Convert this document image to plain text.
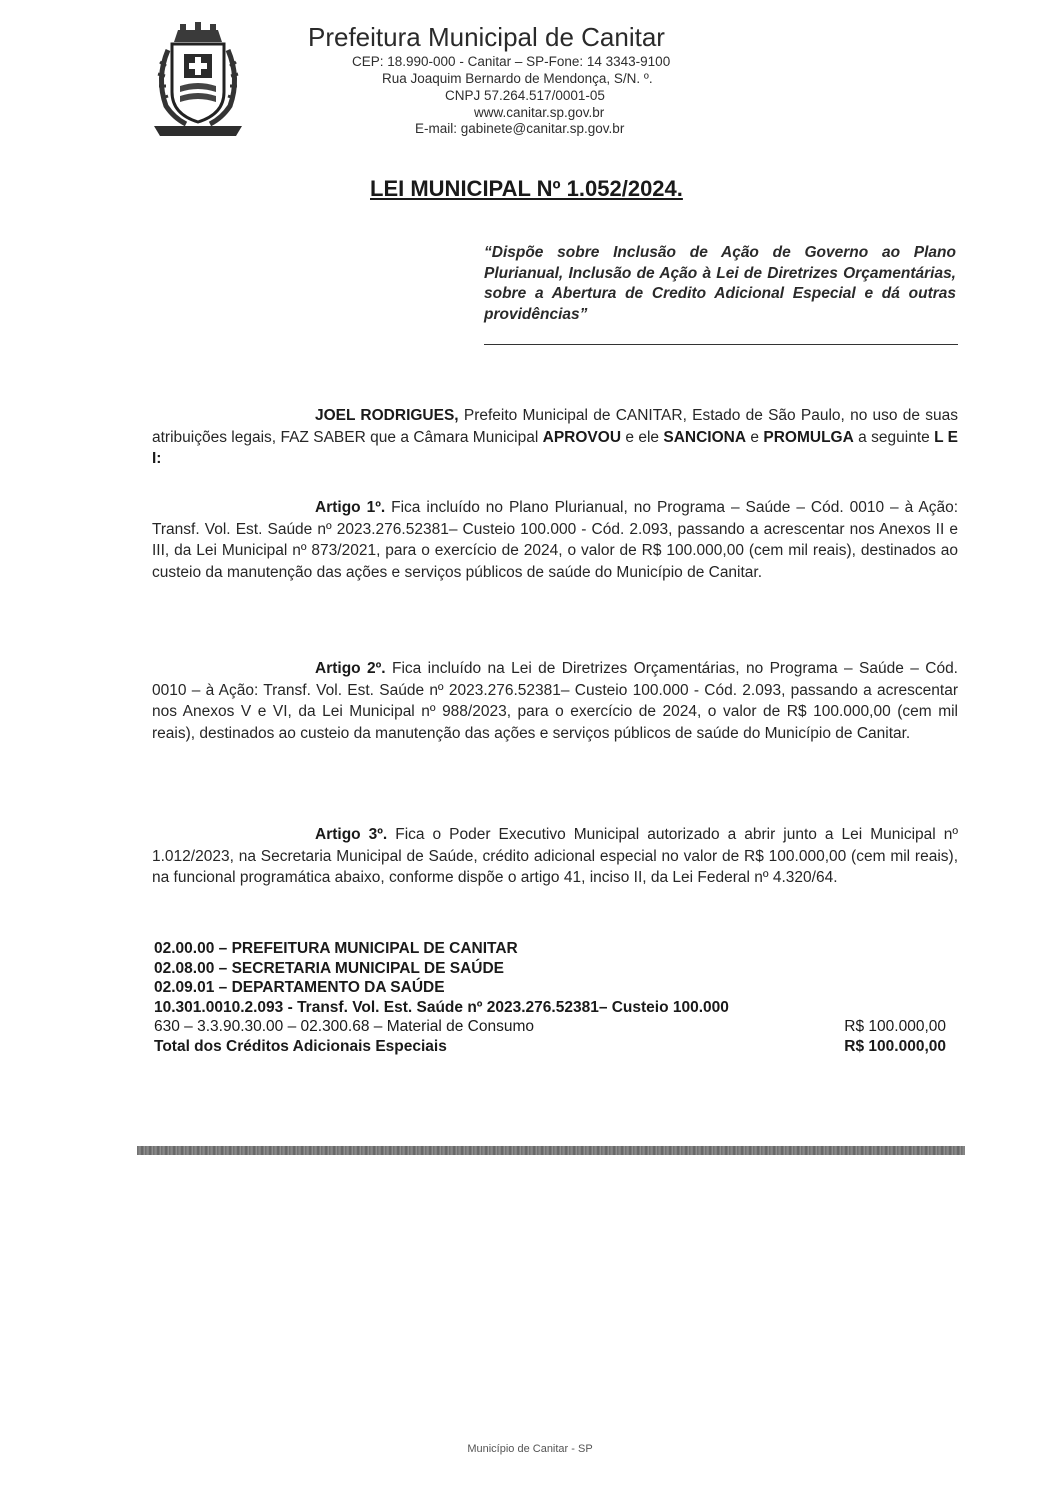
Prefeitura Municipal de Canitar
CEP: 18.990-000 - Canitar – SP-Fone: 14 3343-9100
Rua Joaquim Bernardo de Mendonça, S/N. º.
CNPJ 57.264.517/0001-05
www.canitar.sp.gov.br
E-mail: gabinete@canitar.sp.gov.br
LEI MUNICIPAL Nº 1.052/2024.
“Dispõe sobre Inclusão de Ação de Governo ao Plano Plurianual, Inclusão de Ação à Lei de Diretrizes Orçamentárias, sobre a Abertura de Credito Adicional Especial e dá outras providências”
JOEL RODRIGUES, Prefeito Municipal de CANITAR, Estado de São Paulo, no uso de suas atribuições legais, FAZ SABER que a Câmara Municipal APROVOU e ele SANCIONA e PROMULGA a seguinte L E I:
Artigo 1º. Fica incluído no Plano Plurianual, no Programa – Saúde – Cód. 0010 – à Ação: Transf. Vol. Est. Saúde nº 2023.276.52381– Custeio 100.000 - Cód. 2.093, passando a acrescentar nos Anexos II e III, da Lei Municipal nº 873/2021, para o exercício de 2024, o valor de R$ 100.000,00 (cem mil reais), destinados ao custeio da manutenção das ações e serviços públicos de saúde do Município de Canitar.
Artigo 2º. Fica incluído na Lei de Diretrizes Orçamentárias, no Programa – Saúde – Cód. 0010 – à Ação: Transf. Vol. Est. Saúde nº 2023.276.52381– Custeio 100.000 - Cód. 2.093, passando a acrescentar nos Anexos V e VI, da Lei Municipal nº 988/2023, para o exercício de 2024, o valor de R$ 100.000,00 (cem mil reais), destinados ao custeio da manutenção das ações e serviços públicos de saúde do Município de Canitar.
Artigo 3º. Fica o Poder Executivo Municipal autorizado a abrir junto a Lei Municipal nº 1.012/2023, na Secretaria Municipal de Saúde, crédito adicional especial no valor de R$ 100.000,00 (cem mil reais), na funcional programática abaixo, conforme dispõe o artigo 41, inciso II, da Lei Federal nº 4.320/64.
02.00.00 – PREFEITURA MUNICIPAL DE CANITAR
02.08.00 – SECRETARIA MUNICIPAL DE SAÚDE
02.09.01 – DEPARTAMENTO DA SAÚDE
10.301.0010.2.093 - Transf. Vol. Est. Saúde nº 2023.276.52381– Custeio 100.000
630 – 3.3.90.30.00 – 02.300.68 – Material de Consumo	R$ 100.000,00
Total dos Créditos Adicionais Especiais	R$ 100.000,00
Município de Canitar - SP
